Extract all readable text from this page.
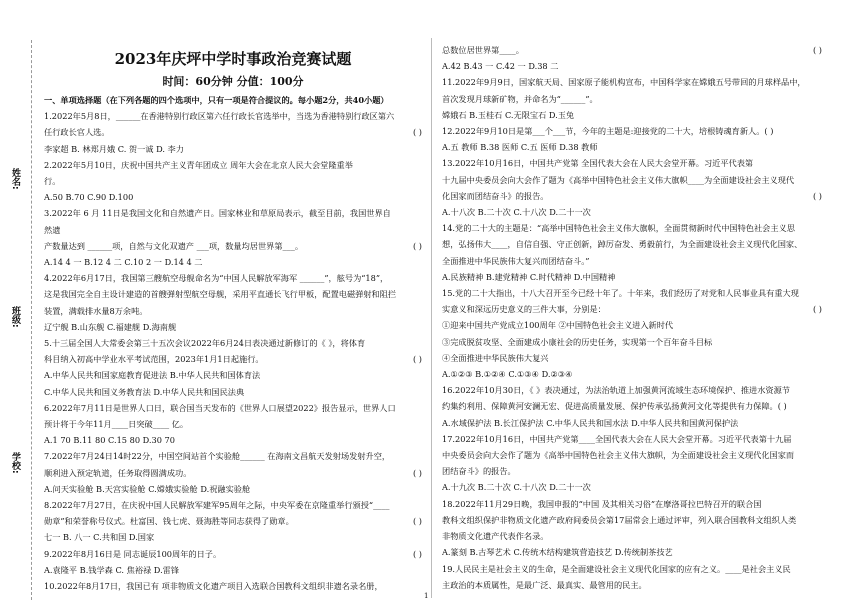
姓名:
班级:
学校:

2023年庆坪中学时事政治竞赛试题

时间：60分钟 分值：100分

一、单项选择题（在下列各题的四个选项中，只有一项是符合提议的。每小题2分，共40小题）

1.2022年5月8日，______在香港特别行政区第六任行政长官选举中，当选为香港特别行政区第六

( )

任行政长官人选。

李家超 B. 林郑月娥 C. 贺一诚 D. 李力

2.2022年5月10日，庆祝中国共产主义青年团成立 周年大会在北京人民大会堂隆重举

行。

A.50 B.70 C.90 D.100

3.2022年 6 月 11日是我国文化和自然遗产日。国家林业和草原局表示，截至目前，我国世界自

然遗

( )

产数量达到 ______项，自然与文化双遗产 ___项，数量均居世界第___。

A.14 4 一 B.12 4 二 C.10 2 一 D.14 4 二

4.2022年6月17日，我国第三艘航空母舰命名为“中国人民解放军海军 ______”，舷号为“18”，

这是我国完全自主设计建造的首艘弹射型航空母舰，采用平直通长飞行甲板，配置电磁弹射和阻拦

装置，满载排水量8万余吨。

辽宁舰 B.山东舰 C.福建舰 D.海南舰

5.十三届全国人大常委会第三十五次会议2022年6月24日表决通过新修订的《 》，将体育

( )

科目纳入初高中学业水平考试范围，2023年1月1日起施行。

A.中华人民共和国家庭教育促进法 B.中华人民共和国体育法

C.中华人民共和国义务教育法 D.中华人民共和国民法典

6.2022年7月11日是世界人口日，联合国当天发布的《世界人口展望2022》报告显示，世界人口

预计将于今年11月____日突破____ 亿。

A.1 70 B.11 80 C.15 80 D.30 70

7.2022年7月24日14时22分，中国空间站首个实验舱______ 在海南文昌航天发射场发射升空，

( )

顺利进入预定轨道，任务取得圆满成功。

A.问天实验舱 B.天宫实验舱 C.嫦娥实验舱 D.祝融实验舱

8.2022年7月27日，在庆祝中国人民解放军建军95周年之际，中央军委在京隆重举行颁授“____

( )

勋章”和荣誉称号仪式。杜富国、钱七虎、聂海胜等同志获得了勋章。

七一 B. 八一 C.共和国 D.国家

( )

9.2022年8月16日是 同志诞辰100周年的日子。

A.袁隆平 B.钱学森 C. 焦裕禄 D.雷锋

10.2022年8月17日，我国已有 项非物质文化遗产项目入选联合国教科文组织非遗名录名册，

( )

总数位居世界第____。

A.42 B.43 一 C.42 一 D.38 二

11.2022年9月9日，国家航天局、国家原子能机构宣布，中国科学家在嫦娥五号带回的月球样品中，

首次发现月球新矿物，并命名为“______”。

嫦娥石 B.玉桂石 C.无限宝石 D.玉兔

12.2022年9月10日是第___个___节，今年的主题是:迎接党的二十大，培根铸魂育新人。( )

A.五 教师 B.38 医师 C.五 医师 D.38 教师

13.2022年10月16日，中国共产党第 全国代表大会在人民大会堂开幕。习近平代表第

十九届中央委员会向大会作了题为《高举中国特色社会主义伟大旗帜____为全面建设社会主义现代

( )

化国家而团结奋斗》的报告。

A.十八次 B.二十次 C.十八次 D.二十一次

14.党的二十大的主题是：“高举中国特色社会主义伟大旗帜，全面贯彻新时代中国特色社会主义思

想，弘扬伟大____，自信自强、守正创新，踔厉奋发、勇毅前行，为全面建设社会主义现代化国家、

全面推进中华民族伟大复兴而团结奋斗。”

A.民族精神 B.建党精神 C.时代精神 D.中国精神

15.党的二十大指出，十八大召开至今已经十年了。十年来，我们经历了对党和人民事业具有重大现

( )

实意义和深远历史意义的三件大事，分别是：

①迎来中国共产党成立100周年 ②中国特色社会主义进入新时代

③完成脱贫攻坚、全面建成小康社会的历史任务，实现第一个百年奋斗目标

④全面推进中华民族伟大复兴

A.①②③ B.①②④ C.①③④ D.②③④

16.2022年10月30日，《 》表决通过，为法治轨道上加强黄河流域生态环境保护、推进水资源节

约集约利用、保障黄河安澜无宏、促进高质量发展、保护传承弘扬黄河文化等提供有力保障。( )

A.水域保护法 B.长江保护法 C.中华人民共和国水法 D.中华人民共和国黄河保护法

17.2022年10月16日，中国共产党第____全国代表大会在人民大会堂开幕。习近平代表第十九届

中央委员会向大会作了题为《高举中国特色社会主义伟大旗帜，为全面建设社会主义现代化国家而

团结奋斗》的报告。

A.十九次 B.二十次 C.十八次 D.二十一次

18.2022年11月29日晚，我国申报的“中国 及其相关习俗”在摩洛哥拉巴特召开的联合国

教科文组织保护非物质文化遗产政府间委员会第17届常会上通过评审，列入联合国教科文组织人类

非物质文化遗产代表作名录。

A.篆刻 B.古琴艺术 C.传统木结构建筑营造技艺 D.传统制茶技艺

19.人民民主是社会主义的生命，是全面建设社会主义现代化国家的应有之义。____是社会主义民

主政治的本质属性，是最广泛、最真实、最管用的民主。

1
